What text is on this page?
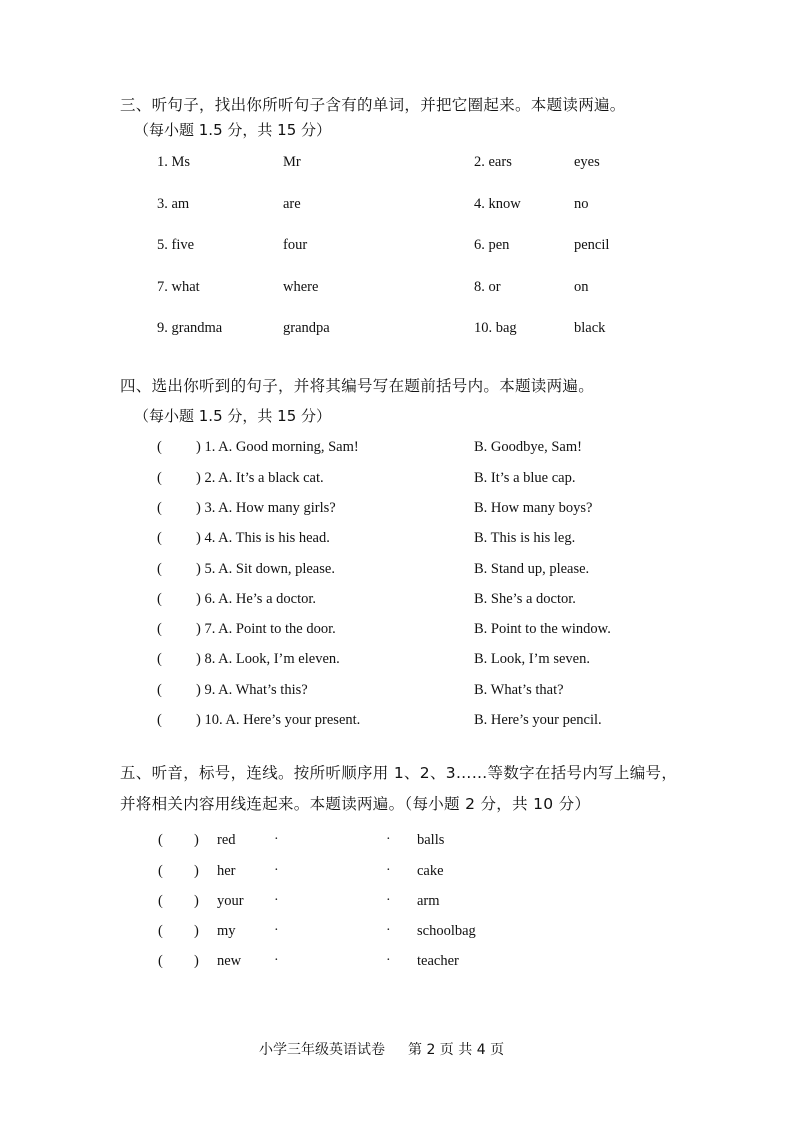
三、听句子，找出你所听句子含有的单词，并把它圈起来。本题读两遍。
（每小题 1.5 分，共 15 分）
1. Ms	Mr	2. ears	eyes
3. am	are	4. know	no
5. five	four	6. pen	pencil
7. what	where	8. or	on
9. grandma	grandpa	10. bag	black
四、选出你听到的句子，并将其编号写在题前括号内。本题读两遍。
（每小题 1.5 分，共 15 分）
( ) 1. A. Good morning, Sam!	B. Goodbye, Sam!
( ) 2. A. It’s a black cat.	B. It’s a blue cap.
( ) 3. A. How many girls?	B. How many boys?
( ) 4. A. This is his head.	B. This is his leg.
( ) 5. A. Sit down, please.	B. Stand up, please.
( ) 6. A. He’s a doctor.	B. She’s a doctor.
( ) 7. A. Point to the door.	B. Point to the window.
( ) 8. A. Look, I’m eleven.	B. Look, I’m seven.
( ) 9. A. What’s this?	B. What’s that?
( ) 10. A. Here’s your present.	B. Here’s your pencil.
五、听音，标号，连线。按所听顺序用 1、2、3……等数字在括号内写上编号，
并将相关内容用线连起来。本题读两遍。（每小题 2 分，共 10 分）
( ) red	·	· balls
( ) her	·	· cake
( ) your ·	· arm
( ) my	·	· schoolbag
( ) new ·	· teacher
小学三年级英语试卷 第 2 页 共 4 页
